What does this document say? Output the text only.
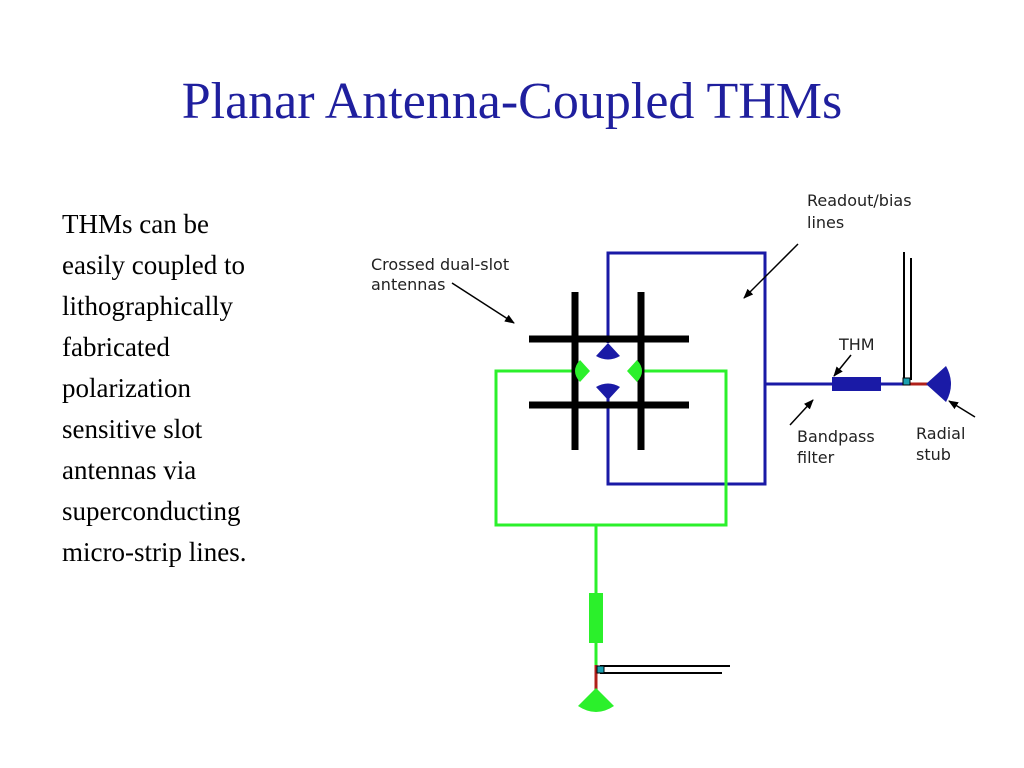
Planar Antenna-Coupled THMs
THMs can be
easily coupled to
lithographically
fabricated
polarization
sensitive slot
antennas via
superconducting
micro-strip lines.
Readout/bias
lines
Crossed dual-slot
antennas
THM
Bandpass
filter
Radial
stub
